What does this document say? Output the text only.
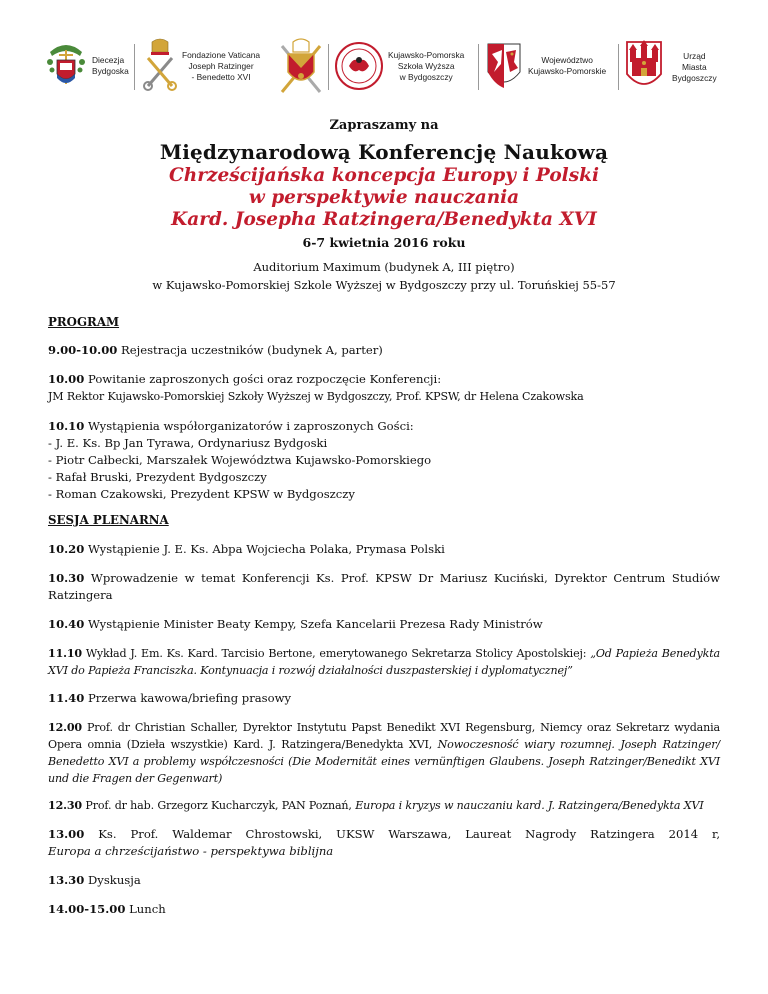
Diecezja
Bydgoska
Fondazione Vaticana
Joseph Ratzinger
- Benedetto XVI
Kujawsko-Pomorska
Szkoła Wyższa
w Bydgoszczy
Województwo
Kujawsko-Pomorskie
Urząd
Miasta
Bydgoszczy
Zapraszamy na
Międzynarodową Konferencję Naukową
Chrześcijańska koncepcja Europy i Polski
w perspektywie nauczania
Kard. Josepha Ratzingera/Benedykta XVI
6-7 kwietnia 2016 roku
Auditorium Maximum (budynek A, III piętro)
w Kujawsko-Pomorskiej Szkole Wyższej w Bydgoszczy przy ul. Toruńskiej 55-57
PROGRAM
9.00-10.00 Rejestracja uczestników (budynek A, parter)
10.00 Powitanie zaproszonych gości oraz rozpoczęcie Konferencji:
JM Rektor Kujawsko-Pomorskiej Szkoły Wyższej w Bydgoszczy, Prof. KPSW, dr Helena Czakowska
10.10 Wystąpienia współorganizatorów i zaproszonych Gości:
- J. E. Ks. Bp Jan Tyrawa, Ordynariusz Bydgoski
- Piotr Całbecki, Marszałek Województwa Kujawsko-Pomorskiego
- Rafał Bruski, Prezydent Bydgoszczy
- Roman Czakowski, Prezydent KPSW w Bydgoszczy
SESJA PLENARNA
10.20 Wystąpienie J. E. Ks. Abpa Wojciecha Polaka, Prymasa Polski
10.30 Wprowadzenie w temat Konferencji Ks. Prof. KPSW Dr Mariusz Kuciński, Dyrektor Centrum Studiów Ratzingera
10.40 Wystąpienie Minister Beaty Kempy, Szefa Kancelarii Prezesa Rady Ministrów
11.10 Wykład J. Em. Ks. Kard. Tarcisio Bertone, emerytowanego Sekretarza Stolicy Apostolskiej: „Od Papieża Benedykta XVI do Papieża Franciszka. Kontynuacja i rozwój działalności duszpasterskiej i dyplomatycznej”
11.40 Przerwa kawowa/briefing prasowy
12.00 Prof. dr Christian Schaller, Dyrektor Instytutu Papst Benedikt XVI Regensburg, Niemcy oraz Sekretarz wydania Opera omnia (Dzieła wszystkie) Kard. J. Ratzingera/Benedykta XVI, Nowoczesność wiary rozumnej. Joseph Ratzinger/ Benedetto XVI a problemy współczesności (Die Modernität eines vernünftigen Glaubens. Joseph Ratzinger/Benedikt XVI und die Fragen der Gegenwart)
12.30 Prof. dr hab. Grzegorz Kucharczyk, PAN Poznań, Europa i kryzys w nauczaniu kard. J. Ratzingera/Benedykta XVI
13.00 Ks. Prof. Waldemar Chrostowski, UKSW Warszawa, Laureat Nagrody Ratzingera 2014 r,
Europa a chrześcijaństwo - perspektywa biblijna
13.30 Dyskusja
14.00-15.00 Lunch
